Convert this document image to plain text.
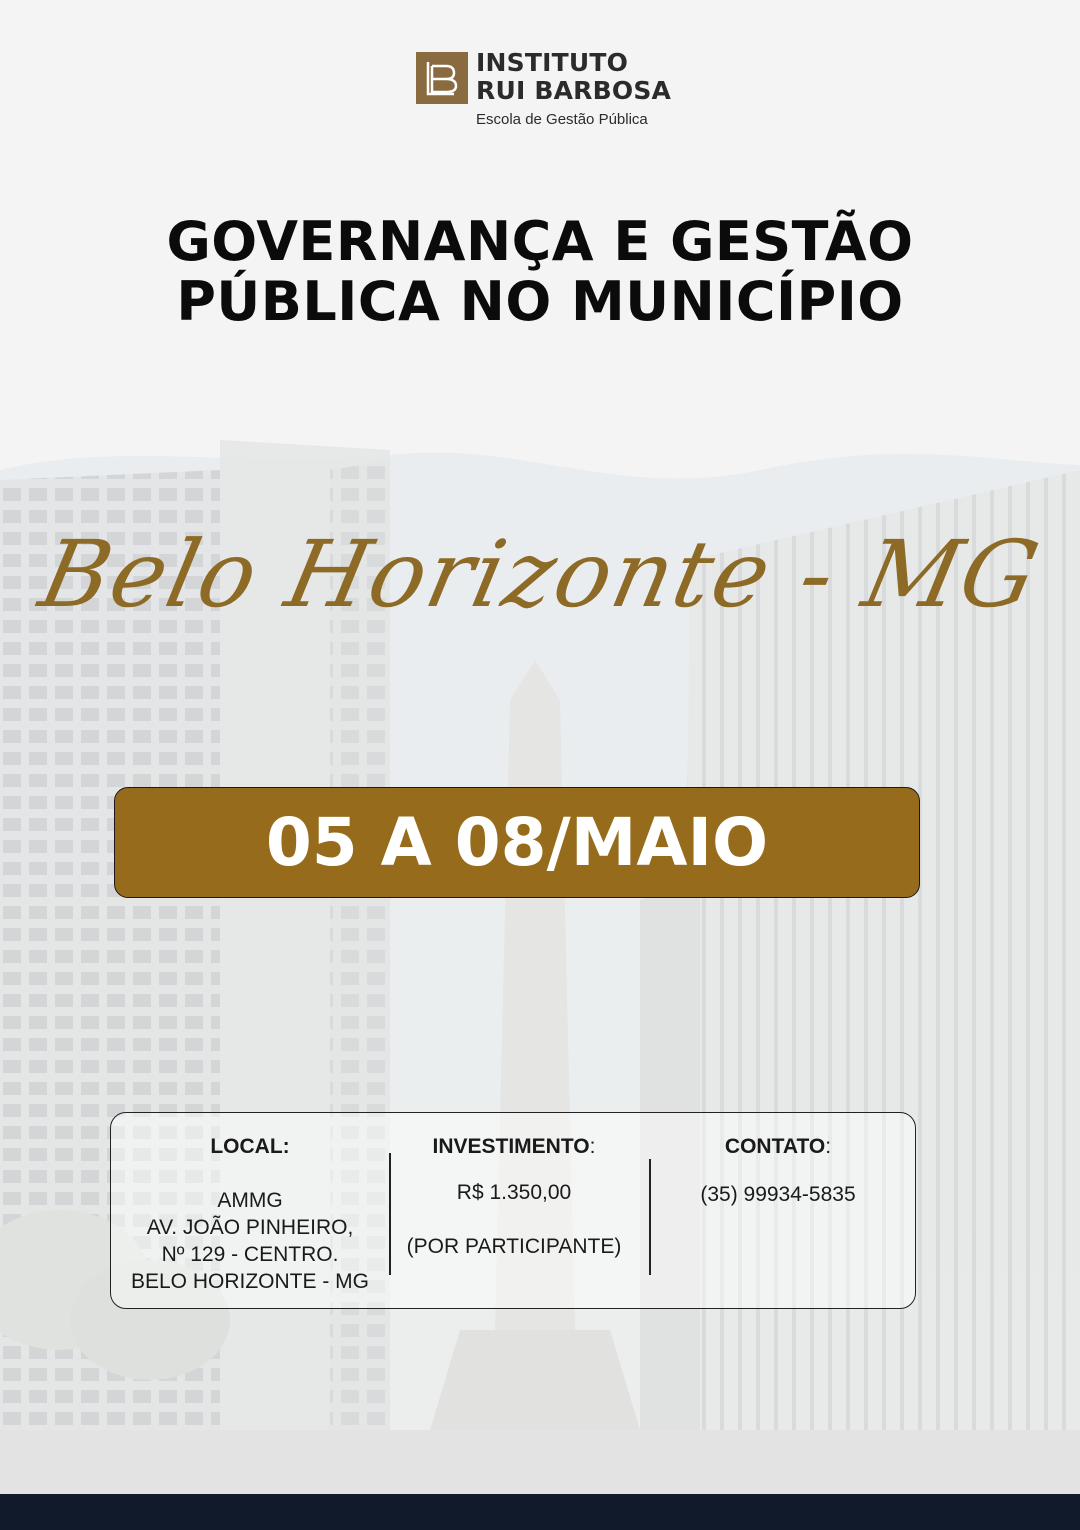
INSTITUTO
RUI BARBOSA
Escola de Gestão Pública
GOVERNANÇA E GESTÃO
PÚBLICA NO MUNICÍPIO
Belo Horizonte - MG
05 A 08/MAIO
LOCAL:

AMMG

AV. JOÃO PINHEIRO,

Nº 129 - CENTRO.

BELO HORIZONTE - MG

INVESTIMENTO:

R$ 1.350,00

(POR PARTICIPANTE)

CONTATO:

(35) 99934-5835
